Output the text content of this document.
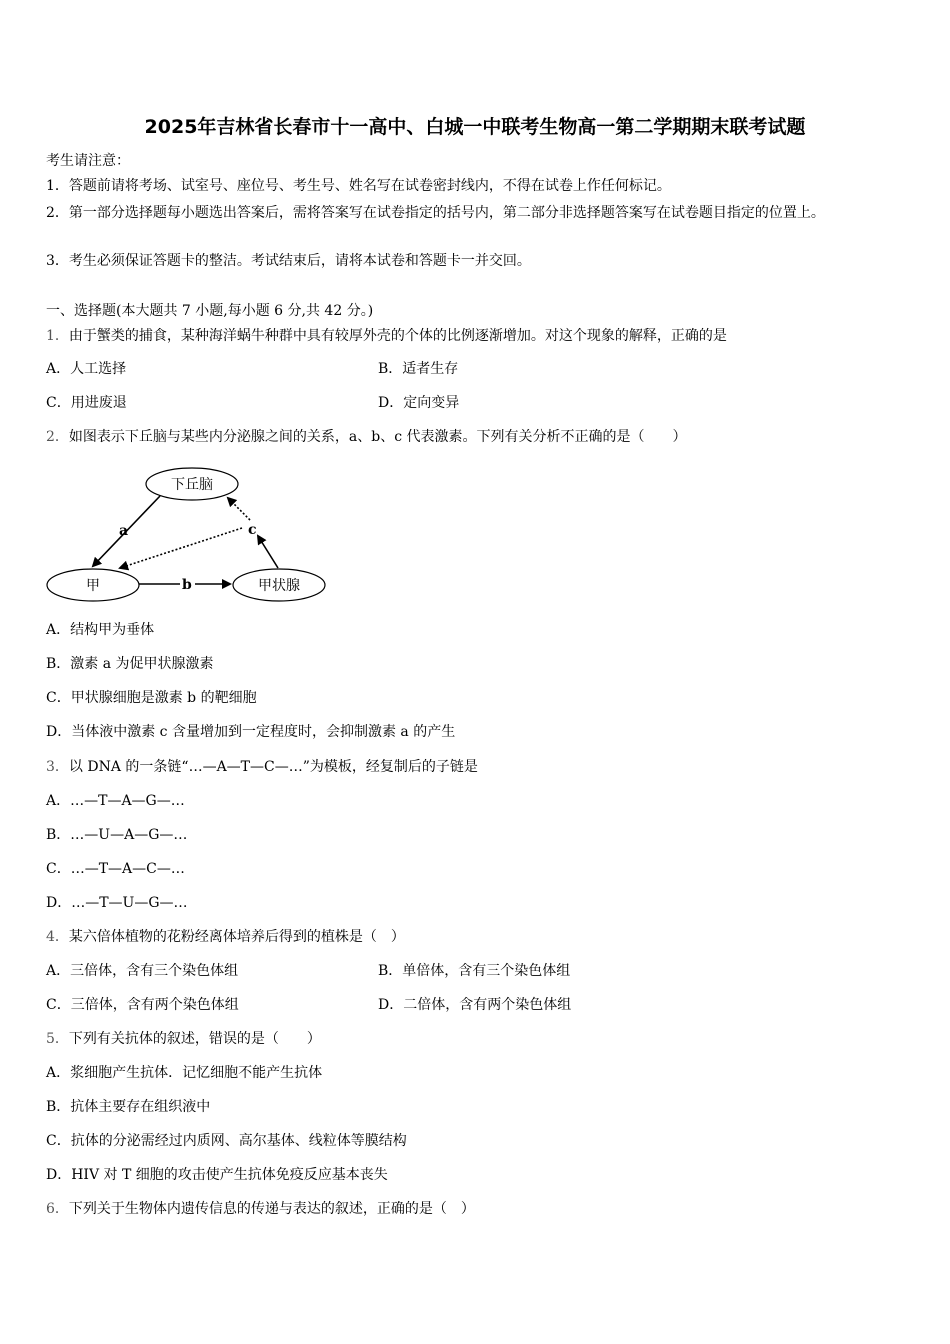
2025年吉林省长春市十一高中、白城一中联考生物高一第二学期期末联考试题
考生请注意：
1．答题前请将考场、试室号、座位号、考生号、姓名写在试卷密封线内，不得在试卷上作任何标记。
2．第一部分选择题每小题选出答案后，需将答案写在试卷指定的括号内，第二部分非选择题答案写在试卷题目指定的位置上。
3．考生必须保证答题卡的整洁。考试结束后，请将本试卷和答题卡一并交回。
一、选择题(本大题共 7 小题,每小题 6 分,共 42 分。)
1．由于蟹类的捕食，某种海洋蜗牛种群中具有较厚外壳的个体的比例逐渐增加。对这个现象的解释，正确的是
A．人工选择	B．适者生存
C．用进废退	D．定向变异
2．如图表示下丘脑与某些内分泌腺之间的关系，a、b、c 代表激素。下列有关分析不正确的是（　　）
下丘脑
甲	甲状腺
a
b
c
A．结构甲为垂体
B．激素 a 为促甲状腺激素
C．甲状腺细胞是激素 b 的靶细胞
D．当体液中激素 c 含量增加到一定程度时，会抑制激素 a 的产生
3．以 DNA 的一条链“…—A—T—C—…”为模板，经复制后的子链是
A．…—T—A—G—…
B．…—U—A—G—…
C．…—T—A—C—…
D．…—T—U—G—…
4．某六倍体植物的花粉经离体培养后得到的植株是（　）
A．三倍体，含有三个染色体组	B．单倍体，含有三个染色体组
C．三倍体，含有两个染色体组	D．二倍体，含有两个染色体组
5．下列有关抗体的叙述，错误的是（　　）
A．浆细胞产生抗体．记忆细胞不能产生抗体
B．抗体主要存在组织液中
C．抗体的分泌需经过内质网、高尔基体、线粒体等膜结构
D．HIV 对 T 细胞的攻击使产生抗体免疫反应基本丧失
6．下列关于生物体内遗传信息的传递与表达的叙述，正确的是（　）
